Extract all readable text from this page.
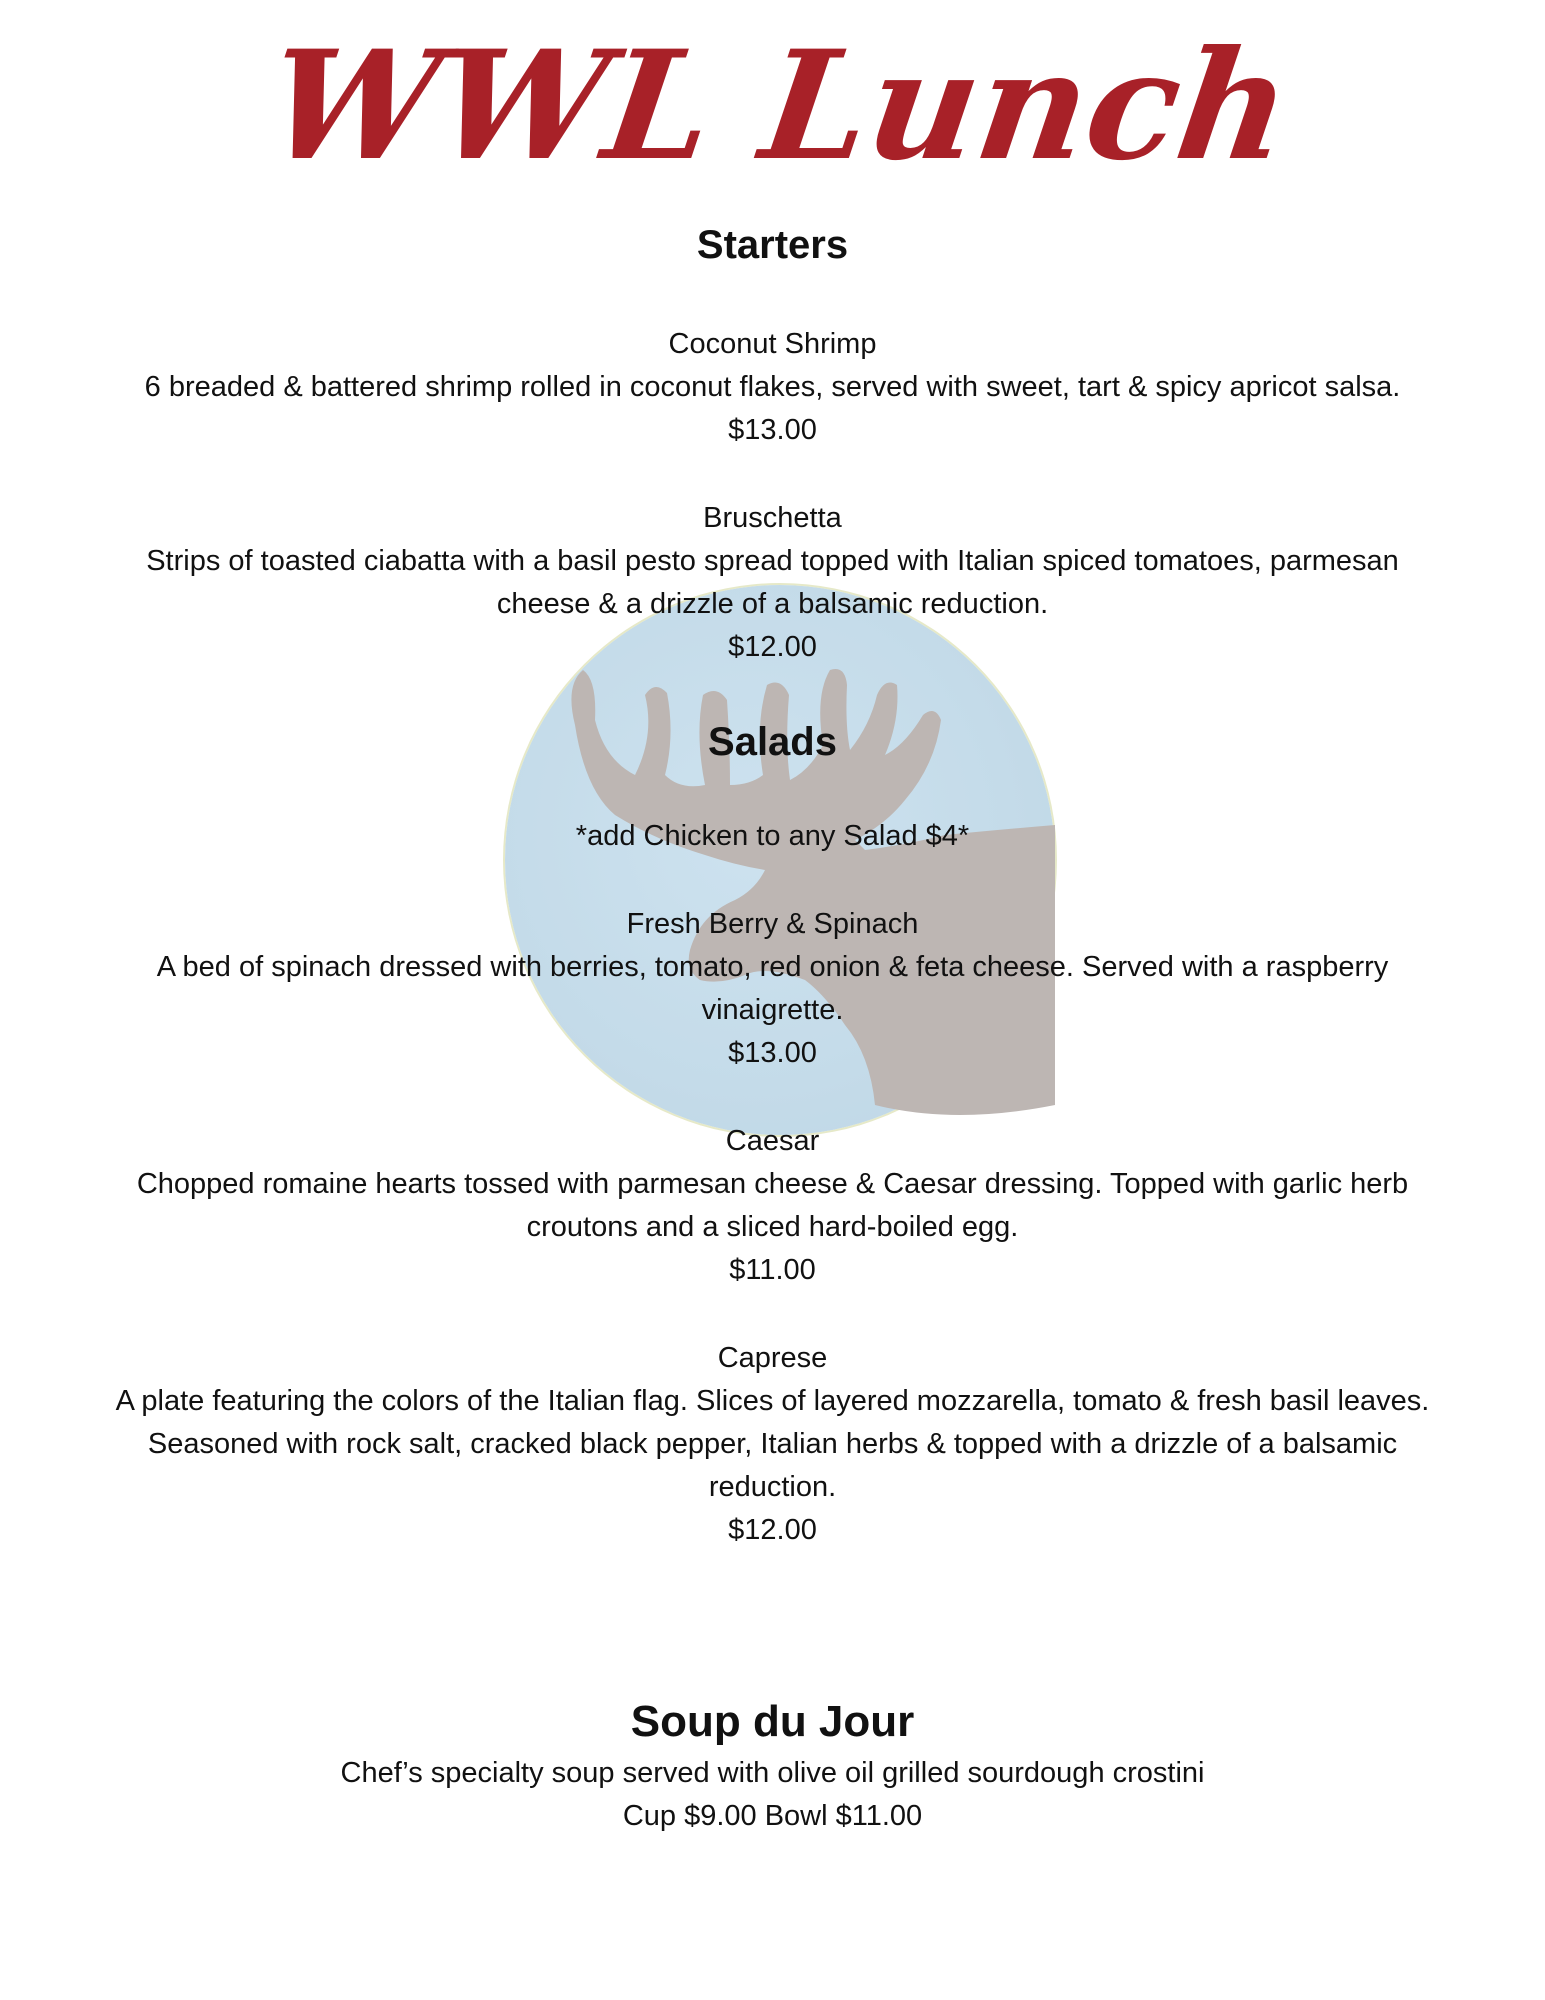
WWL Lunch
Starters
Coconut Shrimp
6 breaded & battered shrimp rolled in coconut flakes, served with sweet, tart & spicy apricot salsa.
$13.00
Bruschetta
Strips of toasted ciabatta with a basil pesto spread topped with Italian spiced tomatoes, parmesan
cheese & a drizzle of a balsamic reduction.
$12.00
Salads
*add Chicken to any Salad $4*
Fresh Berry & Spinach
A bed of spinach dressed with berries, tomato, red onion & feta cheese. Served with a raspberry
vinaigrette.
$13.00
Caesar
Chopped romaine hearts tossed with parmesan cheese & Caesar dressing. Topped with garlic herb
croutons and a sliced hard-boiled egg.
$11.00
Caprese
A plate featuring the colors of the Italian flag. Slices of layered mozzarella, tomato & fresh basil leaves.
Seasoned with rock salt, cracked black pepper, Italian herbs & topped with a drizzle of a balsamic
reduction.
$12.00
Soup du Jour
Chef’s specialty soup served with olive oil grilled sourdough crostini
Cup $9.00 Bowl $11.00
